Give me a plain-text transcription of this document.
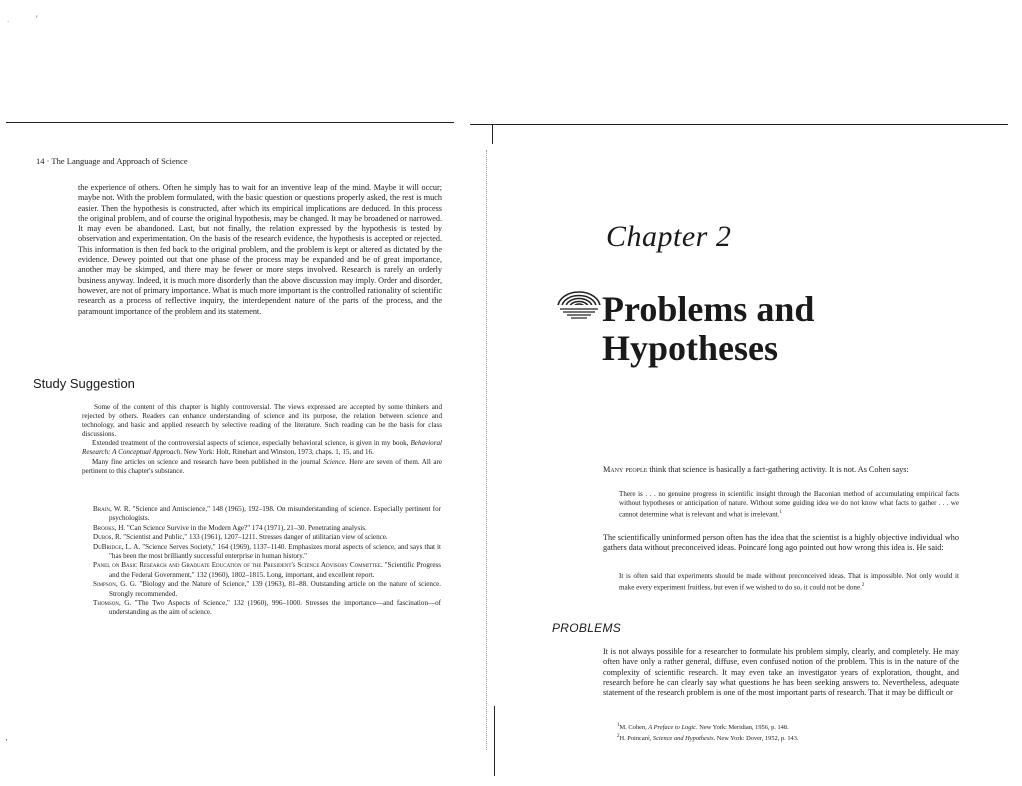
'
`
‚
14 · The Language and Approach of Science

the experience of others. Often he simply has to wait for an inventive leap of the mind. Maybe it will occur; maybe not. With the problem formulated, with the basic question or questions properly asked, the rest is much easier. Then the hypothesis is constructed, after which its empirical implications are deduced. In this process the original problem, and of course the original hypothesis, may be changed. It may be broadened or narrowed. It may even be abandoned. Last, but not finally, the relation expressed by the hypothesis is tested by observation and experimentation. On the basis of the research evidence, the hypothesis is accepted or rejected. This information is then fed back to the original problem, and the problem is kept or altered as dictated by the evidence. Dewey pointed out that one phase of the process may be expanded and be of great importance, another may be skimped, and there may be fewer or more steps involved. Research is rarely an orderly business anyway. Indeed, it is much more disorderly than the above discussion may imply. Order and disorder, however, are not of primary importance. What is much more important is the controlled rationality of scientific research as a process of reflective inquiry, the interdependent nature of the parts of the process, and the paramount importance of the problem and its statement.

Study Suggestion

Some of the content of this chapter is highly controversial. The views expressed are accepted by some thinkers and rejected by others. Readers can enhance understanding of science and its purpose, the relation between science and technology, and basic and applied research by selective reading of the literature. Such reading can be the basis for class discussions.

Extended treatment of the controversial aspects of science, especially behavioral science, is given in my book, Behavioral Research: A Conceptual Approach. New York: Holt, Rinehart and Winston, 1973, chaps. 1, 15, and 16.

Many fine articles on science and research have been published in the journal Science. Here are seven of them. All are pertinent to this chapter's substance.

Brain, W. R. "Science and Antiscience," 148 (1965), 192–198. On misunderstanding of science. Especially pertinent for psychologists.

Brooks, H. "Can Science Survive in the Modern Age?" 174 (1971), 21–30. Penetrating analysis.

Dubos, R. "Scientist and Public," 133 (1961), 1207–1211. Stresses danger of utilitarian view of science.

DuBridge, L. A. "Science Serves Society," 164 (1969), 1137–1140. Emphasizes moral aspects of science, and says that it "has been the most brilliantly successful enterprise in human history."

Panel on Basic Research and Graduate Education of the President's Science Advisory Committee. "Scientific Progress and the Federal Government," 132 (1960), 1802–1815. Long, important, and excellent report.

Simpson, G. G. "Biology and the Nature of Science," 139 (1963), 81–88. Outstanding article on the nature of science. Strongly recommended.

Thomson, G. "The Two Aspects of Science," 132 (1960), 996–1000. Stresses the importance—and fascination—of understanding as the aim of science.

Chapter 2
Problems and
Hypotheses

Many people think that science is basically a fact-gathering activity. It is not. As Cohen says:

There is . . . no genuine progress in scientific insight through the Baconian method of accumulating empirical facts without hypotheses or anticipation of nature. Without some guiding idea we do not know what facts to gather . . . we cannot determine what is relevant and what is irrelevant.$^1$

The scientifically uninformed person often has the idea that the scientist is a highly objective individual who gathers data without preconceived ideas. Poincaré long ago pointed out how wrong this idea is. He said:

It is often said that experiments should be made without preconceived ideas. That is impossible. Not only would it make every experiment fruitless, but even if we wished to do so, it could not be done.$^2$

PROBLEMS

It is not always possible for a researcher to formulate his problem simply, clearly, and completely. He may often have only a rather general, diffuse, even confused notion of the problem. This is in the nature of the complexity of scientific research. It may even take an investigator years of exploration, thought, and research before he can clearly say what questions he has been seeking answers to. Nevertheless, adequate statement of the research problem is one of the most important parts of research. That it may be difficult or

$^1$M. Cohen, A Preface to Logic. New York: Meridian, 1956, p. 148.

$^2$H. Poincaré, Science and Hypothesis. New York: Dover, 1952, p. 143.
